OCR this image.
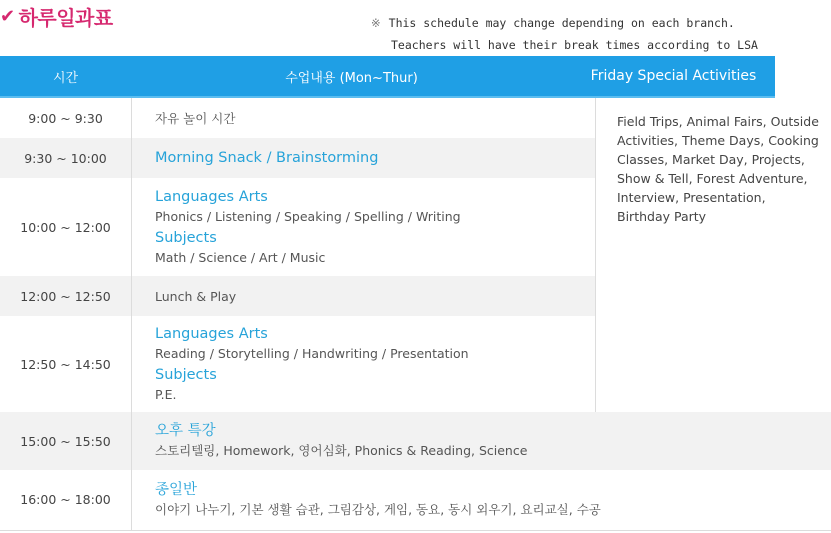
✔ 하루일과표	※ This schedule may change depending on each branch.
Teachers will have their break times according to LSA
시간	수업내용 (Mon~Thur)	Friday Special Activities
9:00 ~ 9:30	자유 놀이 시간	Field Trips, Animal Fairs, Outside Activities, Theme Days, Cooking Classes, Market Day, Projects, Show & Tell, Forest Adventure, Interview, Presentation, Birthday Party
9:30 ~ 10:00	Morning Snack / Brainstorming	
10:00 ~ 12:00	Languages Arts
Phonics / Listening / Speaking / Spelling / Writing
Subjects
Math / Science / Art / Music	

12:00 ~ 12:50	Lunch & Play	
12:50 ~ 14:50	Languages Arts
Reading / Storytelling / Handwriting / Presentation
Subjects
P.E.	

15:00 ~ 15:50	오후 특강
스토리텔링, Homework, 영어심화, Phonics & Reading, Science	

16:00 ~ 18:00	종일반
이야기 나누기, 기본 생활 습관, 그림감상, 게임, 동요, 동시 외우기, 요리교실, 수공	
